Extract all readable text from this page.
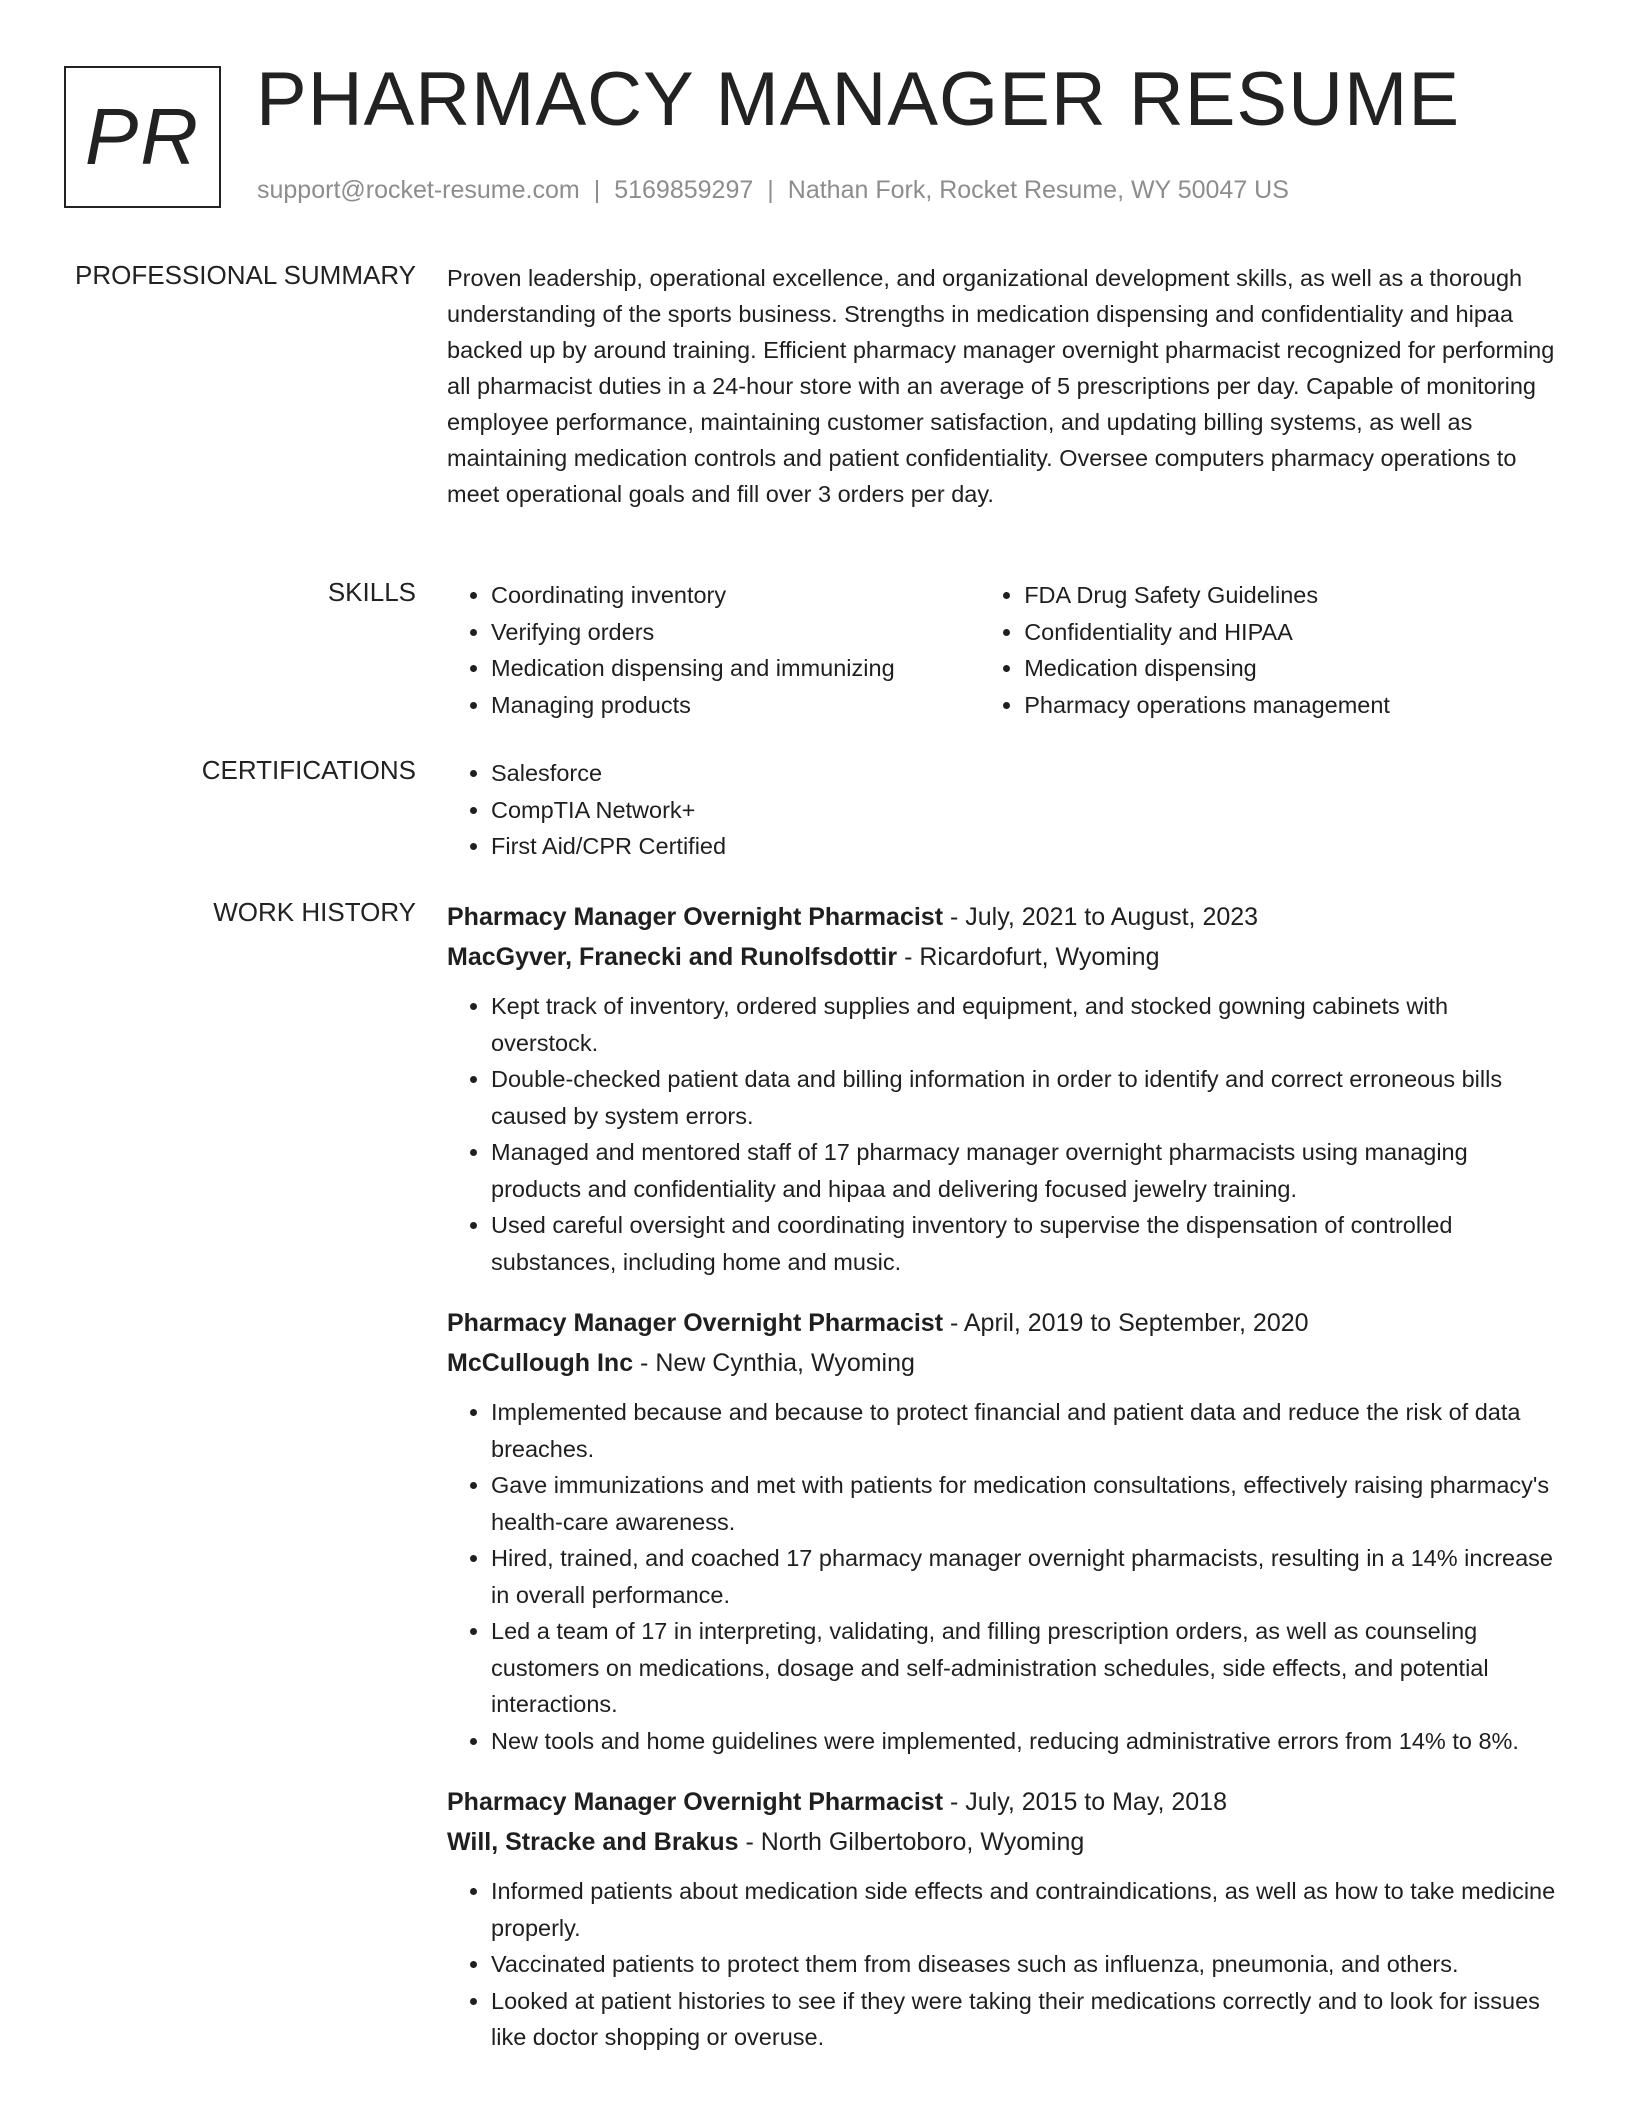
PR PHARMACY MANAGER RESUME
support@rocket-resume.com | 5169859297 | Nathan Fork, Rocket Resume, WY 50047 US
PROFESSIONAL SUMMARY Proven leadership, operational excellence, and organizational development skills, as well as a thorough understanding of the sports business. Strengths in medication dispensing and confidentiality and hipaa backed up by around training. Efficient pharmacy manager overnight pharmacist recognized for performing all pharmacist duties in a 24-hour store with an average of 5 prescriptions per day. Capable of monitoring employee performance, maintaining customer satisfaction, and updating billing systems, as well as maintaining medication controls and patient confidentiality. Oversee computers pharmacy operations to meet operational goals and fill over 3 orders per day.

SKILLS	• Coordinating inventory
• Verifying orders
• Medication dispensing and immunizing
• Managing products
• FDA Drug Safety Guidelines
• Confidentiality and HIPAA
• Medication dispensing
• Pharmacy operations management
CERTIFICATIONS	• Salesforce
• CompTIA Network+
• First Aid/CPR Certified
WORK HISTORY Pharmacy Manager Overnight Pharmacist - July, 2021 to August, 2023
MacGyver, Franecki and Runolfsdottir - Ricardofurt, Wyoming
• Kept track of inventory, ordered supplies and equipment, and stocked gowning cabinets with overstock.
• Double-checked patient data and billing information in order to identify and correct erroneous bills caused by system errors.
• Managed and mentored staff of 17 pharmacy manager overnight pharmacists using managing products and confidentiality and hipaa and delivering focused jewelry training.
• Used careful oversight and coordinating inventory to supervise the dispensation of controlled substances, including home and music.
Pharmacy Manager Overnight Pharmacist - April, 2019 to September, 2020
McCullough Inc - New Cynthia, Wyoming
• Implemented because and because to protect financial and patient data and reduce the risk of data breaches.
• Gave immunizations and met with patients for medication consultations, effectively raising pharmacy's health-care awareness.
• Hired, trained, and coached 17 pharmacy manager overnight pharmacists, resulting in a 14% increase in overall performance.
• Led a team of 17 in interpreting, validating, and filling prescription orders, as well as counseling customers on medications, dosage and self-administration schedules, side effects, and potential interactions.
• New tools and home guidelines were implemented, reducing administrative errors from 14% to 8%.
Pharmacy Manager Overnight Pharmacist - July, 2015 to May, 2018
Will, Stracke and Brakus - North Gilbertoboro, Wyoming
• Informed patients about medication side effects and contraindications, as well as how to take medicine properly.
• Vaccinated patients to protect them from diseases such as influenza, pneumonia, and others.
• Looked at patient histories to see if they were taking their medications correctly and to look for issues like doctor shopping or overuse.
